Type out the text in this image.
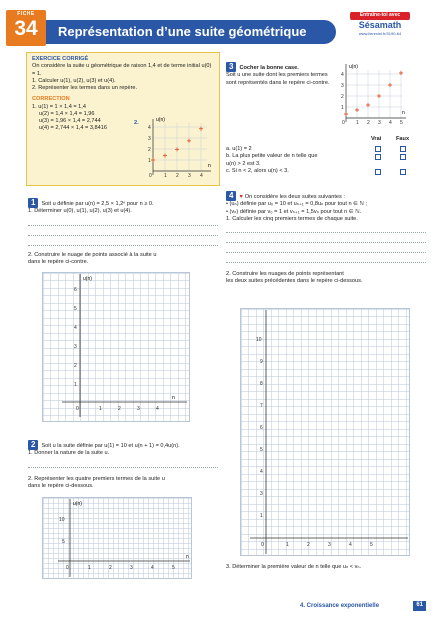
FICHE
34	Représentation d’une suite géométrique
Entraîne-toi avec
Sésamath
www.lienmini.fr/3190-64
EXERCICE CORRIGÉ
On considère la suite u géométrique de raison 1,4 et de terme initial u(0) = 1.
1. Calculer u(1), u(2), u(3) et u(4).
2. Représenter les termes dans un repère.
CORRECTION
1. u(1) = 1 × 1,4 = 1,4
u(2) = 1,4 × 1,4 = 1,96
u(3) = 1,96 × 1,4 = 2,744
u(4) = 2,744 × 1,4 = 3,8416
2.	u(n)
n
0 1 2 3 4
1
2
3
4
3 Cocher la bonne case.
Soit u une suite dont les premiers termes sont représentés dans le repère ci-contre.
u(n)
n
0 1 2 3 4 5
1
2
3
4
Vrai	Faux
a. u(1) = 2
b. La plus petite valeur de n telle que
u(n) > 2 est 3.
c. Si n < 2, alors u(n) < 3.
1 Soit u définie par u(n) = 2,5 × 1,2ⁿ pour n ≥ 0.
1. Déterminer u(0), u(1), u(2), u(3) et u(4).
2. Construire le nuage de points associé à la suite u
dans le repère ci-contre.
u(n)
n
0	1	2	3	4
1
2
3
4
5
6
2 Soit u la suite définie par u(1) = 10 et u(n + 1) = 0,4u(n).
1. Donner la nature de la suite u.
2. Représenter les quatre premiers termes de la suite u
dans le repère ci-dessous.
u(n)
n
0	1	2	3	4	5
5
10
4 ♥ On considère les deux suites suivantes :
• (uₙ) définie par u₀ = 10 et uₙ₊₁ = 0,8uₙ pour tout n ∈ ℕ ;
• (vₙ) définie par v₀ = 1 et vₙ₊₁ = 1,5vₙ pour tout n ∈ ℕ.
1. Calculer les cinq premiers termes de chaque suite.
2. Construire les nuages de points représentant
les deux suites précédentes dans le repère ci-dessous.
0	1	2	3	4	5
1
3
4
5
6
7
8
9
10
3. Déterminer la première valeur de n telle que uₙ < vₙ.
4. Croissance exponentielle	61
